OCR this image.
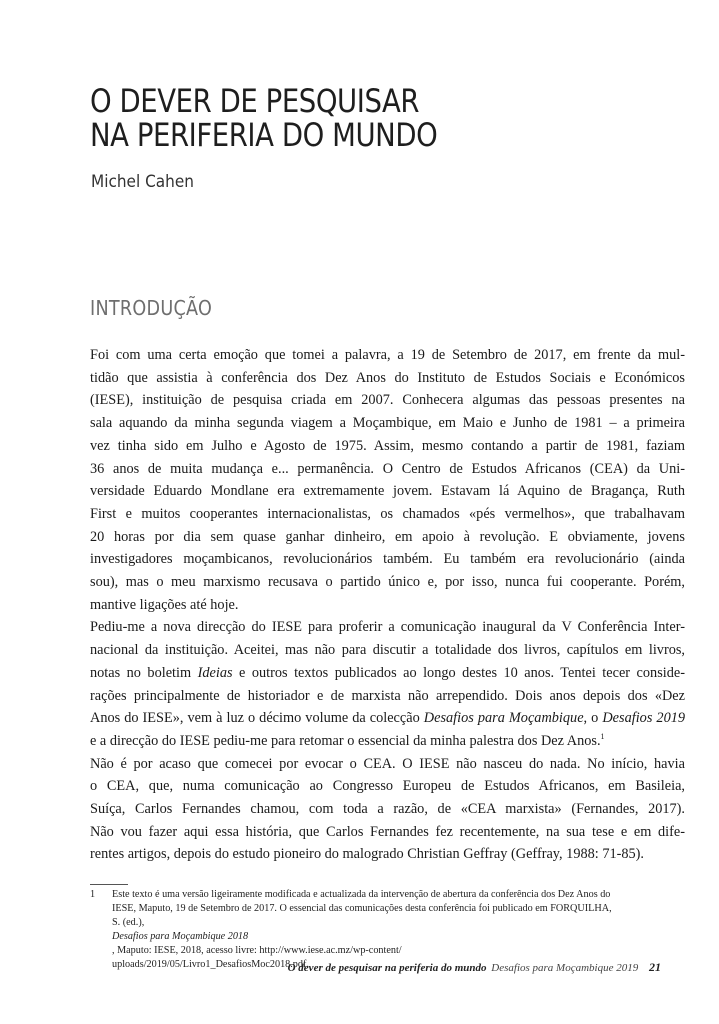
O DEVER DE PESQUISAR
NA PERIFERIA DO MUNDO
Michel Cahen
INTRODUÇÃO

Foi com uma certa emoção que tomei a palavra, a 19 de Setembro de 2017, em frente da mul-
tidão que assistia à conferência dos Dez Anos do Instituto de Estudos Sociais e Económicos
(IESE), instituição de pesquisa criada em 2007. Conhecera algumas das pessoas presentes na
sala aquando da minha segunda viagem a Moçambique, em Maio e Junho de 1981 – a primeira
vez tinha sido em Julho e Agosto de 1975. Assim, mesmo contando a partir de 1981, faziam
36 anos de muita mudança e... permanência. O Centro de Estudos Africanos (CEA) da Uni-
versidade Eduardo Mondlane era extremamente jovem. Estavam lá Aquino de Bragança, Ruth
First e muitos cooperantes internacionalistas, os chamados «pés vermelhos», que trabalhavam
20 horas por dia sem quase ganhar dinheiro, em apoio à revolução. E obviamente, jovens
investigadores moçambicanos, revolucionários também. Eu também era revolucionário (ainda
sou), mas o meu marxismo recusava o partido único e, por isso, nunca fui cooperante. Porém,
mantive ligações até hoje.

Pediu-me a nova direcção do IESE para proferir a comunicação inaugural da V Conferência Inter-
nacional da instituição. Aceitei, mas não para discutir a totalidade dos livros, capítulos em livros,
notas no boletim Ideias e outros textos publicados ao longo destes 10 anos. Tentei tecer conside-
rações principalmente de historiador e de marxista não arrependido. Dois anos depois dos «Dez
Anos do IESE», vem à luz o décimo volume da colecção Desafios para Moçambique, o Desafios 2019
e a direcção do IESE pediu-me para retomar o essencial da minha palestra dos Dez Anos.$^1$

Não é por acaso que comecei por evocar o CEA. O IESE não nasceu do nada. No início, havia
o CEA, que, numa comunicação ao Congresso Europeu de Estudos Africanos, em Basileia,
Suíça, Carlos Fernandes chamou, com toda a razão, de «CEA marxista» (Fernandes, 2017).
Não vou fazer aqui essa história, que Carlos Fernandes fez recentemente, na sua tese e em dife-
rentes artigos, depois do estudo pioneiro do malogrado Christian Geffray (Geffray, 1988: 71-85).

1 Este texto é uma versão ligeiramente modificada e actualizada da intervenção de abertura da conferência dos Dez Anos do
IESE, Maputo, 19 de Setembro de 2017. O essencial das comunicações desta conferência foi publicado em FORQUILHA,
S. (ed.),
Desafios para Moçambique 2018
, Maputo: IESE, 2018, acesso livre: http://www.iese.ac.mz/wp-content/
uploads/2019/05/Livro1_DesafiosMoc2018.pdf.
O dever de pesquisar na periferia do mundo Desafios para Moçambique 2019 21
